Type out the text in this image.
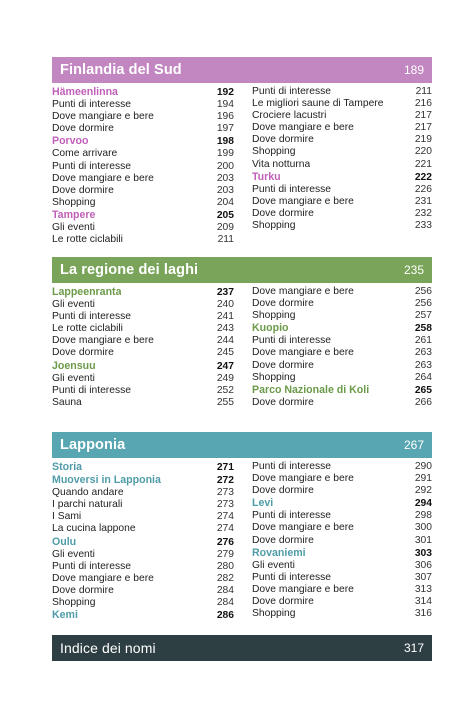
Finlandia del Sud	189
Hämeenlinna	192
Punti di interesse	194
Dove mangiare e bere	196
Dove dormire	197
Porvoo	198
Come arrivare	199
Punti di interesse	200
Dove mangiare e bere	203
Dove dormire	203
Shopping	204
Tampere	205
Gli eventi	209
Le rotte ciclabili	211
Punti di interesse	211
Le migliori saune di Tampere	216
Crociere lacustri	217
Dove mangiare e bere	217
Dove dormire	219
Shopping	220
Vita notturna	221
Turku	222
Punti di interesse	226
Dove mangiare e bere	231
Dove dormire	232
Shopping	233
La regione dei laghi	235
Lappeenranta	237
Gli eventi	240
Punti di interesse	241
Le rotte ciclabili	243
Dove mangiare e bere	244
Dove dormire	245
Joensuu	247
Gli eventi	249
Punti di interesse	252
Sauna	255
Dove mangiare e bere	256
Dove dormire	256
Shopping	257
Kuopio	258
Punti di interesse	261
Dove mangiare e bere	263
Dove dormire	263
Shopping	264
Parco Nazionale di Koli	265
Dove dormire	266
Lapponia	267
Storia	271
Muoversi in Lapponia	272
Quando andare	273
I parchi naturali	273
I Sami	274
La cucina lappone	274
Oulu	276
Gli eventi	279
Punti di interesse	280
Dove mangiare e bere	282
Dove dormire	284
Shopping	284
Kemi	286
Punti di interesse	290
Dove mangiare e bere	291
Dove dormire	292
Levi	294
Punti di interesse	298
Dove mangiare e bere	300
Dove dormire	301
Rovaniemi	303
Gli eventi	306
Punti di interesse	307
Dove mangiare e bere	313
Dove dormire	314
Shopping	316
Indice dei nomi	317
